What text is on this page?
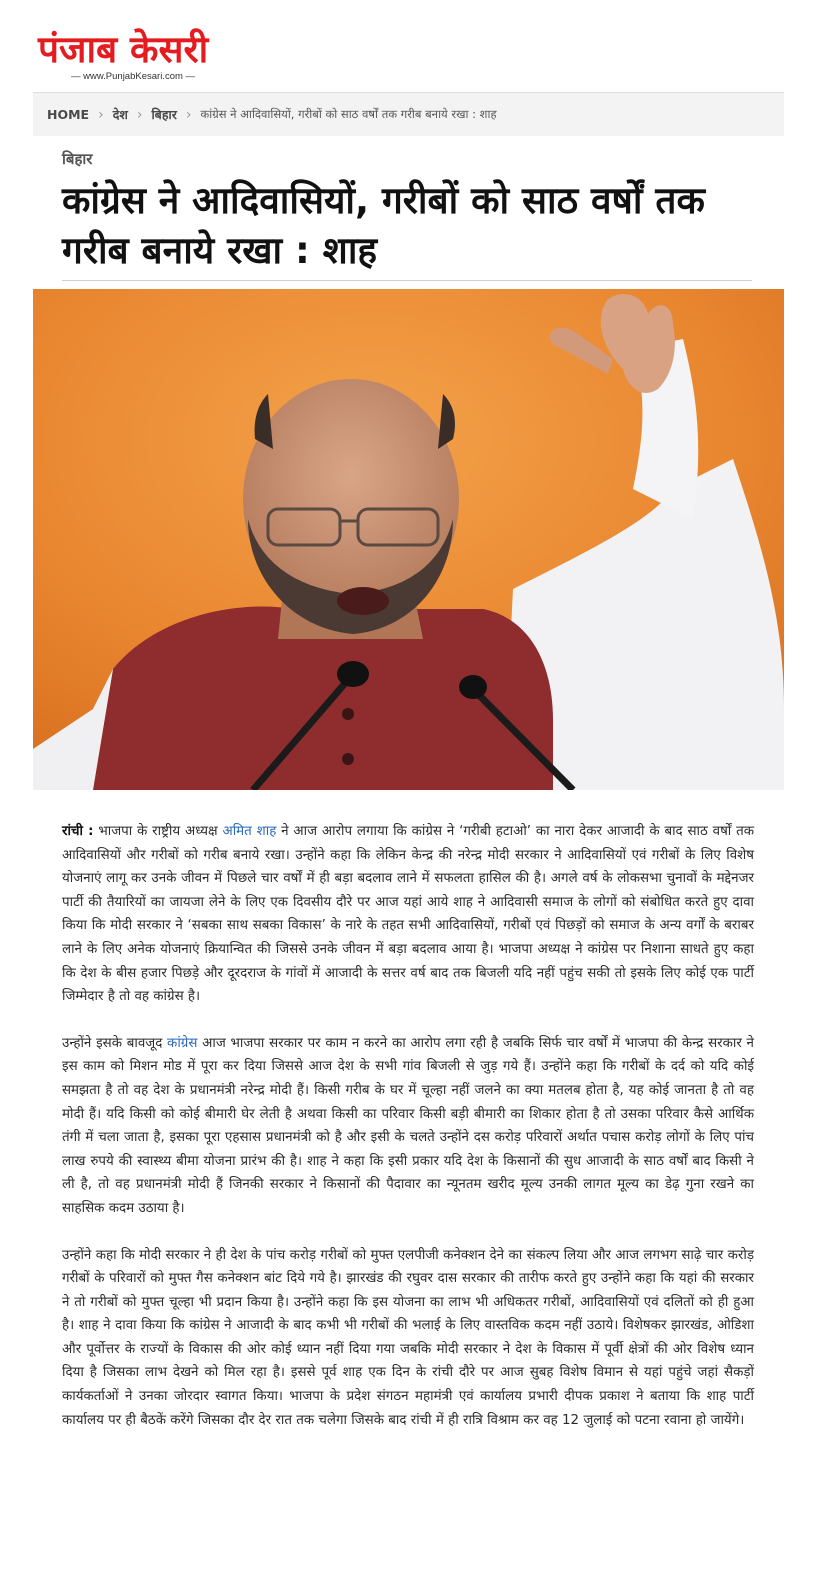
पंजाब केसरी
— www.PunjabKesari.com —
HOME › देश › बिहार › कांग्रेस ने आदिवासियों, गरीबों को साठ वर्षों तक गरीब बनाये रखा : शाह
बिहार
कांग्रेस ने आदिवासियों, गरीबों को साठ वर्षों तक गरीब बनाये रखा : शाह

रांची : भाजपा के राष्ट्रीय अध्यक्ष अमित शाह ने आज आरोप लगाया कि कांग्रेस ने ‘गरीबी हटाओ’ का नारा देकर आजादी के बाद साठ वर्षों तक आदिवासियों और गरीबों को गरीब बनाये रखा। उन्होंने कहा कि लेकिन केन्द्र की नरेन्द्र मोदी सरकार ने आदिवासियों एवं गरीबों के लिए विशेष योजनाएं लागू कर उनके जीवन में पिछले चार वर्षों में ही बड़ा बदलाव लाने में सफलता हासिल की है। अगले वर्ष के लोकसभा चुनावों के मद्देनजर पार्टी की तैयारियों का जायजा लेने के लिए एक दिवसीय दौरे पर आज यहां आये शाह ने आदिवासी समाज के लोगों को संबोधित करते हुए दावा किया कि मोदी सरकार ने ‘सबका साथ सबका विकास’ के नारे के तहत सभी आदिवासियों, गरीबों एवं पिछड़ों को समाज के अन्य वर्गों के बराबर लाने के लिए अनेक योजनाएं क्रियान्वित की जिससे उनके जीवन में बड़ा बदलाव आया है। भाजपा अध्यक्ष ने कांग्रेस पर निशाना साधते हुए कहा कि देश के बीस हजार पिछड़े और दूरदराज के गांवों में आजादी के सत्तर वर्ष बाद तक बिजली यदि नहीं पहुंच सकी तो इसके लिए कोई एक पार्टी जिम्मेदार है तो वह कांग्रेस है।

उन्होंने इसके बावजूद कांग्रेस आज भाजपा सरकार पर काम न करने का आरोप लगा रही है जबकि सिर्फ चार वर्षों में भाजपा की केन्द्र सरकार ने इस काम को मिशन मोड में पूरा कर दिया जिससे आज देश के सभी गांव बिजली से जुड़ गये हैं। उन्होंने कहा कि गरीबों के दर्द को यदि कोई समझता है तो वह देश के प्रधानमंत्री नरेन्द्र मोदी हैं। किसी गरीब के घर में चूल्हा नहीं जलने का क्या मतलब होता है, यह कोई जानता है तो वह मोदी हैं। यदि किसी को कोई बीमारी घेर लेती है अथवा किसी का परिवार किसी बड़ी बीमारी का शिकार होता है तो उसका परिवार कैसे आर्थिक तंगी में चला जाता है, इसका पूरा एहसास प्रधानमंत्री को है और इसी के चलते उन्होंने दस करोड़ परिवारों अर्थात पचास करोड़ लोगों के लिए पांच लाख रुपये की स्वास्थ्य बीमा योजना प्रारंभ की है। शाह ने कहा कि इसी प्रकार यदि देश के किसानों की सुध आजादी के साठ वर्षों बाद किसी ने ली है, तो वह प्रधानमंत्री मोदी हैं जिनकी सरकार ने किसानों की पैदावार का न्यूनतम खरीद मूल्य उनकी लागत मूल्य का डेढ़ गुना रखने का साहसिक कदम उठाया है।

उन्होंने कहा कि मोदी सरकार ने ही देश के पांच करोड़ गरीबों को मुफ्त एलपीजी कनेक्शन देने का संकल्प लिया और आज लगभग साढ़े चार करोड़ गरीबों के परिवारों को मुफ्त गैस कनेक्शन बांट दिये गये है। झारखंड की रघुवर दास सरकार की तारीफ करते हुए उन्होंने कहा कि यहां की सरकार ने तो गरीबों को मुफ्त चूल्हा भी प्रदान किया है। उन्होंने कहा कि इस योजना का लाभ भी अधिकतर गरीबों, आदिवासियों एवं दलितों को ही हुआ है। शाह ने दावा किया कि कांग्रेस ने आजादी के बाद कभी भी गरीबों की भलाई के लिए वास्तविक कदम नहीं उठाये। विशेषकर झारखंड, ओडिशा और पूर्वोत्तर के राज्यों के विकास की ओर कोई ध्यान नहीं दिया गया जबकि मोदी सरकार ने देश के विकास में पूर्वी क्षेत्रों की ओर विशेष ध्यान दिया है जिसका लाभ देखने को मिल रहा है। इससे पूर्व शाह एक दिन के रांची दौरे पर आज सुबह विशेष विमान से यहां पहुंचे जहां सैकड़ों कार्यकर्ताओं ने उनका जोरदार स्वागत किया। भाजपा के प्रदेश संगठन महामंत्री एवं कार्यालय प्रभारी दीपक प्रकाश ने बताया कि शाह पार्टी कार्यालय पर ही बैठकें करेंगे जिसका दौर देर रात तक चलेगा जिसके बाद रांची में ही रात्रि विश्राम कर वह 12 जुलाई को पटना रवाना हो जायेंगे।
